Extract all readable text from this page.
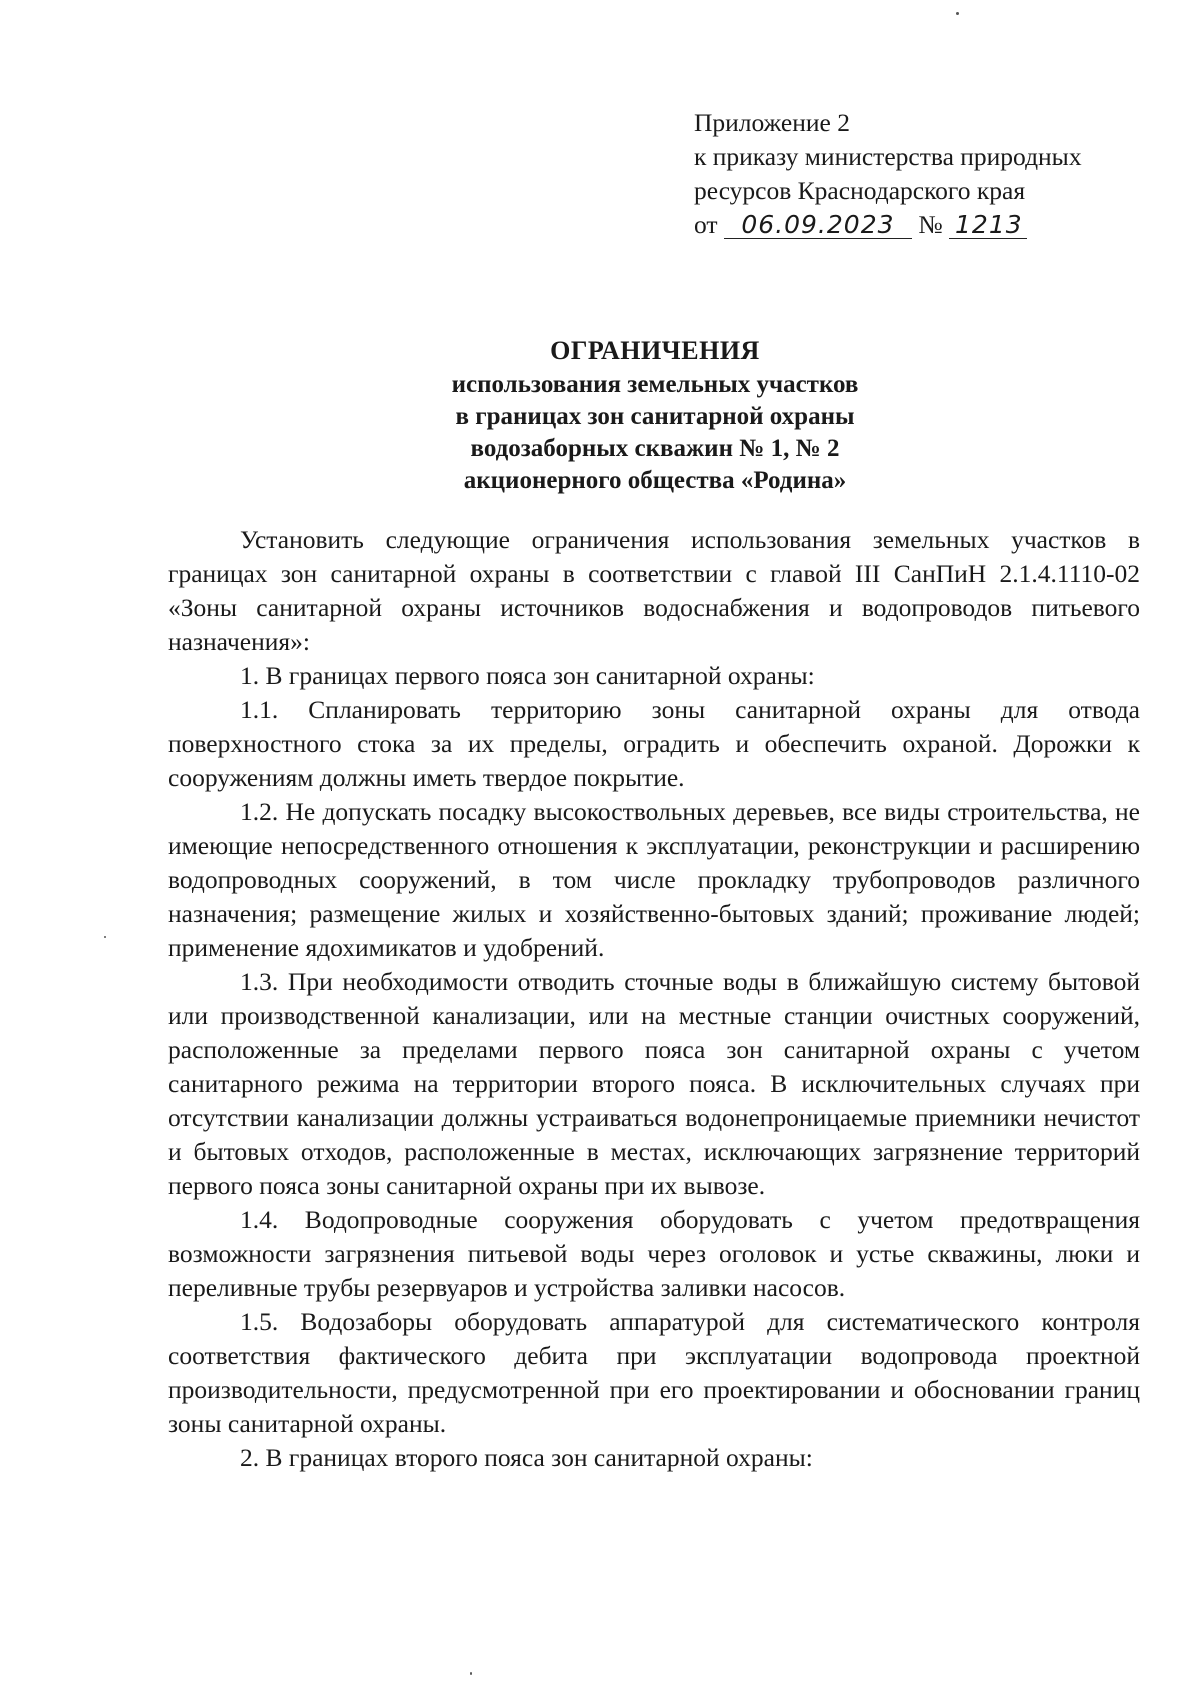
Приложение 2
к приказу министерства природных
ресурсов Краснодарского края
от 06.09.2023 № 1213
ОГРАНИЧЕНИЯ
использования земельных участков
в границах зон санитарной охраны
водозаборных скважин № 1, № 2
акционерного общества «Родина»

Установить следующие ограничения использования земельных участков в границах зон санитарной охраны в соответствии с главой III СанПиН 2.1.4.1110-02 «Зоны санитарной охраны источников водоснабжения и водопроводов питьевого назначения»:

1. В границах первого пояса зон санитарной охраны:

1.1. Спланировать территорию зоны санитарной охраны для отвода поверхностного стока за их пределы, оградить и обеспечить охраной. Дорожки к сооружениям должны иметь твердое покрытие.

1.2. Не допускать посадку высокоствольных деревьев, все виды строительства, не имеющие непосредственного отношения к эксплуатации, реконструкции и расширению водопроводных сооружений, в том числе прокладку трубопроводов различного назначения; размещение жилых и хозяйственно-бытовых зданий; проживание людей; применение ядохимикатов и удобрений.

1.3. При необходимости отводить сточные воды в ближайшую систему бытовой или производственной канализации, или на местные станции очистных сооружений, расположенные за пределами первого пояса зон санитарной охраны с учетом санитарного режима на территории второго пояса. В исключительных случаях при отсутствии канализации должны устраиваться водонепроницаемые приемники нечистот и бытовых отходов, расположенные в местах, исключающих загрязнение территорий первого пояса зоны санитарной охраны при их вывозе.

1.4. Водопроводные сооружения оборудовать с учетом предотвращения возможности загрязнения питьевой воды через оголовок и устье скважины, люки и переливные трубы резервуаров и устройства заливки насосов.

1.5. Водозаборы оборудовать аппаратурой для систематического контроля соответствия фактического дебита при эксплуатации водопровода проектной производительности, предусмотренной при его проектировании и обосновании границ зоны санитарной охраны.

2. В границах второго пояса зон санитарной охраны:
